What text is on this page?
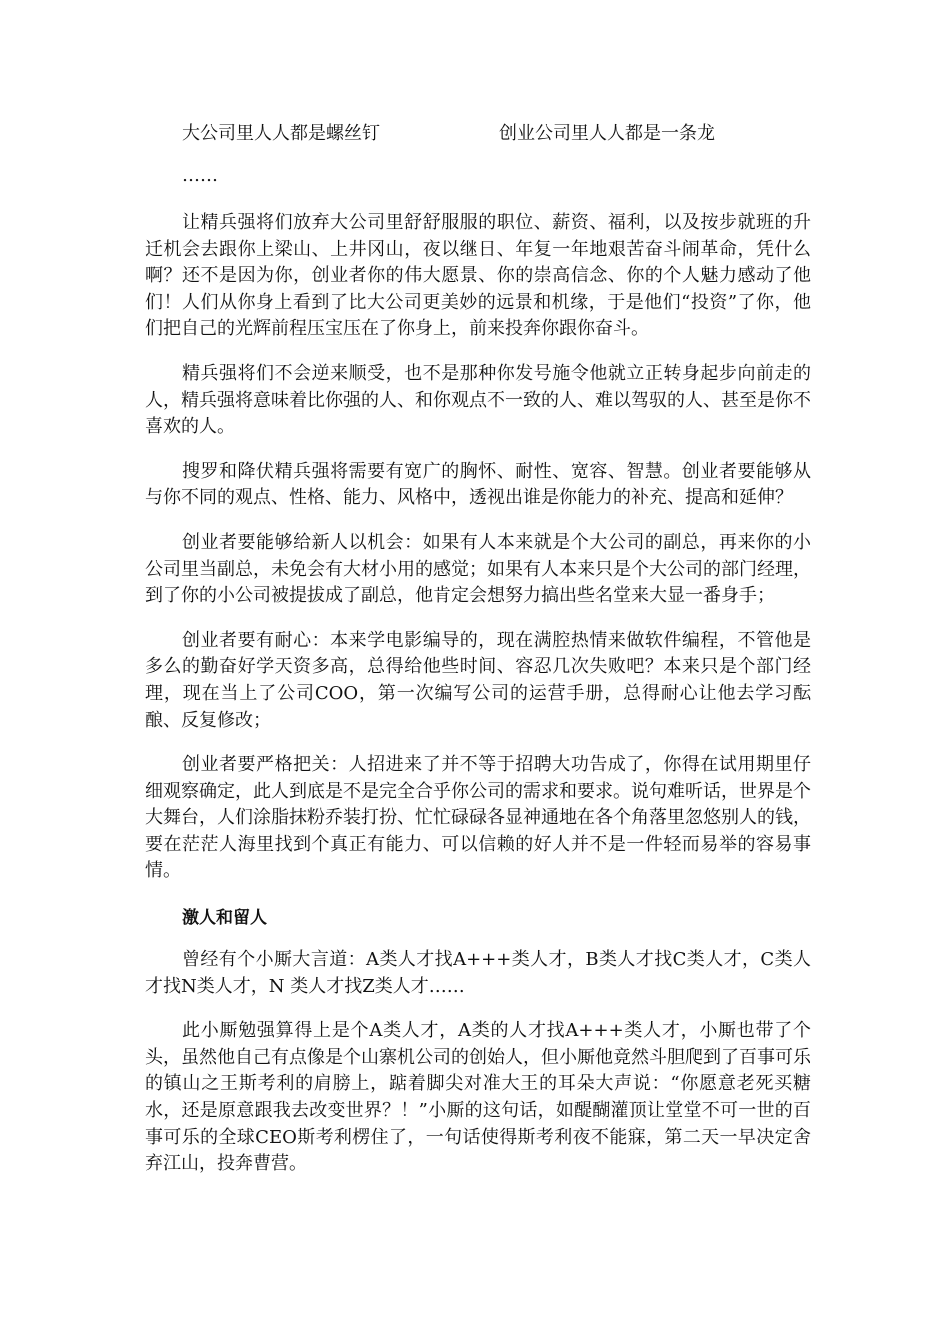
大公司里人人都是螺丝钉	创业公司里人人都是一条龙
……

让精兵强将们放弃大公司里舒舒服服的职位、薪资、福利，以及按步就班的升迁机会去跟你上梁山、上井冈山，夜以继日、年复一年地艰苦奋斗闹革命，凭什么啊？还不是因为你，创业者你的伟大愿景、你的崇高信念、你的个人魅力感动了他们！人们从你身上看到了比大公司更美妙的远景和机缘，于是他们“投资”了你，他们把自己的光辉前程压宝压在了你身上，前来投奔你跟你奋斗。

精兵强将们不会逆来顺受，也不是那种你发号施令他就立正转身起步向前走的人，精兵强将意味着比你强的人、和你观点不一致的人、难以驾驭的人、甚至是你不喜欢的人。

搜罗和降伏精兵强将需要有宽广的胸怀、耐性、宽容、智慧。创业者要能够从与你不同的观点、性格、能力、风格中，透视出谁是你能力的补充、提高和延伸？

创业者要能够给新人以机会：如果有人本来就是个大公司的副总，再来你的小公司里当副总，未免会有大材小用的感觉；如果有人本来只是个大公司的部门经理，到了你的小公司被提拔成了副总，他肯定会想努力搞出些名堂来大显一番身手；

创业者要有耐心：本来学电影编导的，现在满腔热情来做软件编程，不管他是多么的勤奋好学天资多高，总得给他些时间、容忍几次失败吧？本来只是个部门经理，现在当上了公司COO，第一次编写公司的运营手册，总得耐心让他去学习酝酿、反复修改；

创业者要严格把关：人招进来了并不等于招聘大功告成了，你得在试用期里仔细观察确定，此人到底是不是完全合乎你公司的需求和要求。说句难听话，世界是个大舞台，人们涂脂抹粉乔装打扮、忙忙碌碌各显神通地在各个角落里忽悠别人的钱，要在茫茫人海里找到个真正有能力、可以信赖的好人并不是一件轻而易举的容易事情。

激人和留人

曾经有个小厮大言道：A类人才找A+++类人才，B类人才找C类人才，C类人才找N类人才，N 类人才找Z类人才……

此小厮勉强算得上是个A类人才，A类的人才找A+++类人才，小厮也带了个头，虽然他自己有点像是个山寨机公司的创始人，但小厮他竟然斗胆爬到了百事可乐的镇山之王斯考利的肩膀上，踮着脚尖对准大王的耳朵大声说：“你愿意老死买糖水，还是原意跟我去改变世界？！”小厮的这句话，如醍醐灌顶让堂堂不可一世的百事可乐的全球CEO斯考利楞住了，一句话使得斯考利夜不能寐，第二天一早决定舍弃江山，投奔曹营。
